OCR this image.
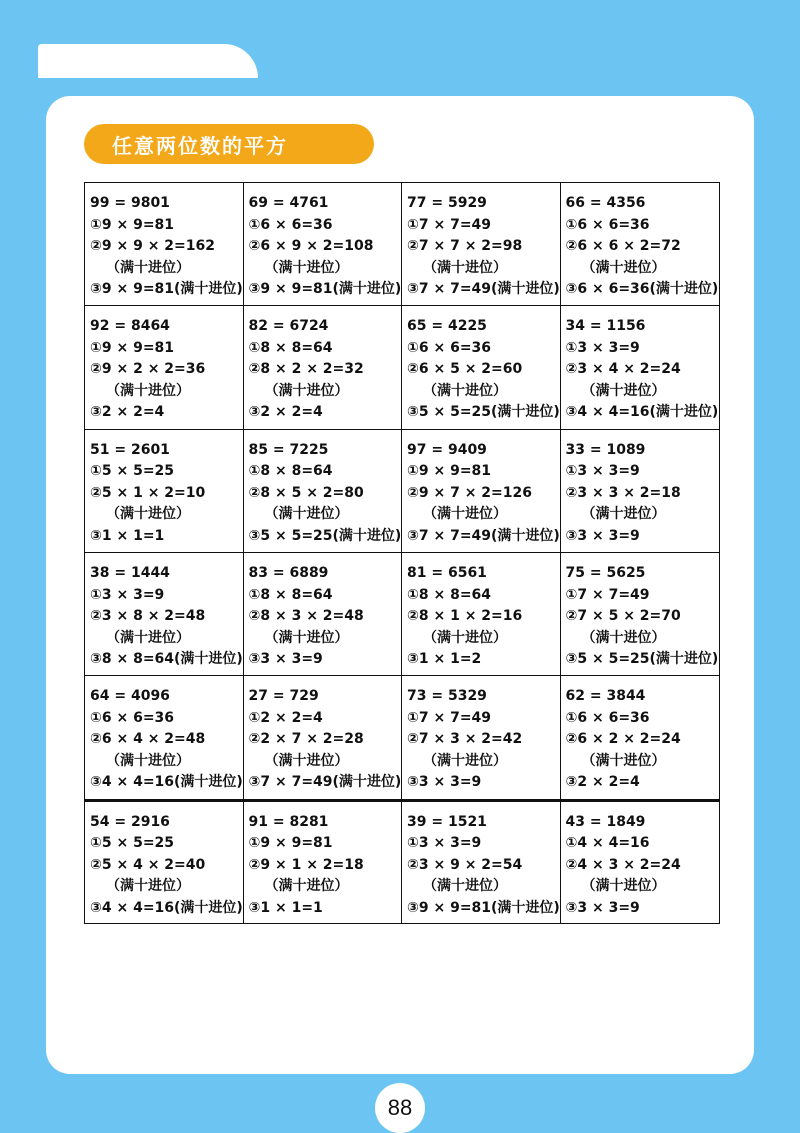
任意两位数的平方
99 = 9801
①9 × 9=81
②9 × 9 × 2=162
（满十进位）
③9 × 9=81(满十进位)
69 = 4761
①6 × 6=36
②6 × 9 × 2=108
（满十进位）
③9 × 9=81(满十进位)
77 = 5929
①7 × 7=49
②7 × 7 × 2=98
（满十进位）
③7 × 7=49(满十进位)
66 = 4356
①6 × 6=36
②6 × 6 × 2=72
（满十进位）
③6 × 6=36(满十进位)
92 = 8464
①9 × 9=81
②9 × 2 × 2=36
（满十进位）
③2 × 2=4
82 = 6724
①8 × 8=64
②8 × 2 × 2=32
（满十进位）
③2 × 2=4
65 = 4225
①6 × 6=36
②6 × 5 × 2=60
（满十进位）
③5 × 5=25(满十进位)
34 = 1156
①3 × 3=9
②3 × 4 × 2=24
（满十进位）
③4 × 4=16(满十进位)
51 = 2601
①5 × 5=25
②5 × 1 × 2=10
（满十进位）
③1 × 1=1
85 = 7225
①8 × 8=64
②8 × 5 × 2=80
（满十进位）
③5 × 5=25(满十进位)
97 = 9409
①9 × 9=81
②9 × 7 × 2=126
（满十进位）
③7 × 7=49(满十进位)
33 = 1089
①3 × 3=9
②3 × 3 × 2=18
（满十进位）
③3 × 3=9
38 = 1444
①3 × 3=9
②3 × 8 × 2=48
（满十进位）
③8 × 8=64(满十进位)
83 = 6889
①8 × 8=64
②8 × 3 × 2=48
（满十进位）
③3 × 3=9
81 = 6561
①8 × 8=64
②8 × 1 × 2=16
（满十进位）
③1 × 1=2
75 = 5625
①7 × 7=49
②7 × 5 × 2=70
（满十进位）
③5 × 5=25(满十进位)
64 = 4096
①6 × 6=36
②6 × 4 × 2=48
（满十进位）
③4 × 4=16(满十进位)
27 = 729
①2 × 2=4
②2 × 7 × 2=28
（满十进位）
③7 × 7=49(满十进位)
73 = 5329
①7 × 7=49
②7 × 3 × 2=42
（满十进位）
③3 × 3=9
62 = 3844
①6 × 6=36
②6 × 2 × 2=24
（满十进位）
③2 × 2=4
54 = 2916
①5 × 5=25
②5 × 4 × 2=40
（满十进位）
③4 × 4=16(满十进位)
91 = 8281
①9 × 9=81
②9 × 1 × 2=18
（满十进位）
③1 × 1=1
39 = 1521
①3 × 3=9
②3 × 9 × 2=54
（满十进位）
③9 × 9=81(满十进位)
43 = 1849
①4 × 4=16
②4 × 3 × 2=24
（满十进位）
③3 × 3=9
88
